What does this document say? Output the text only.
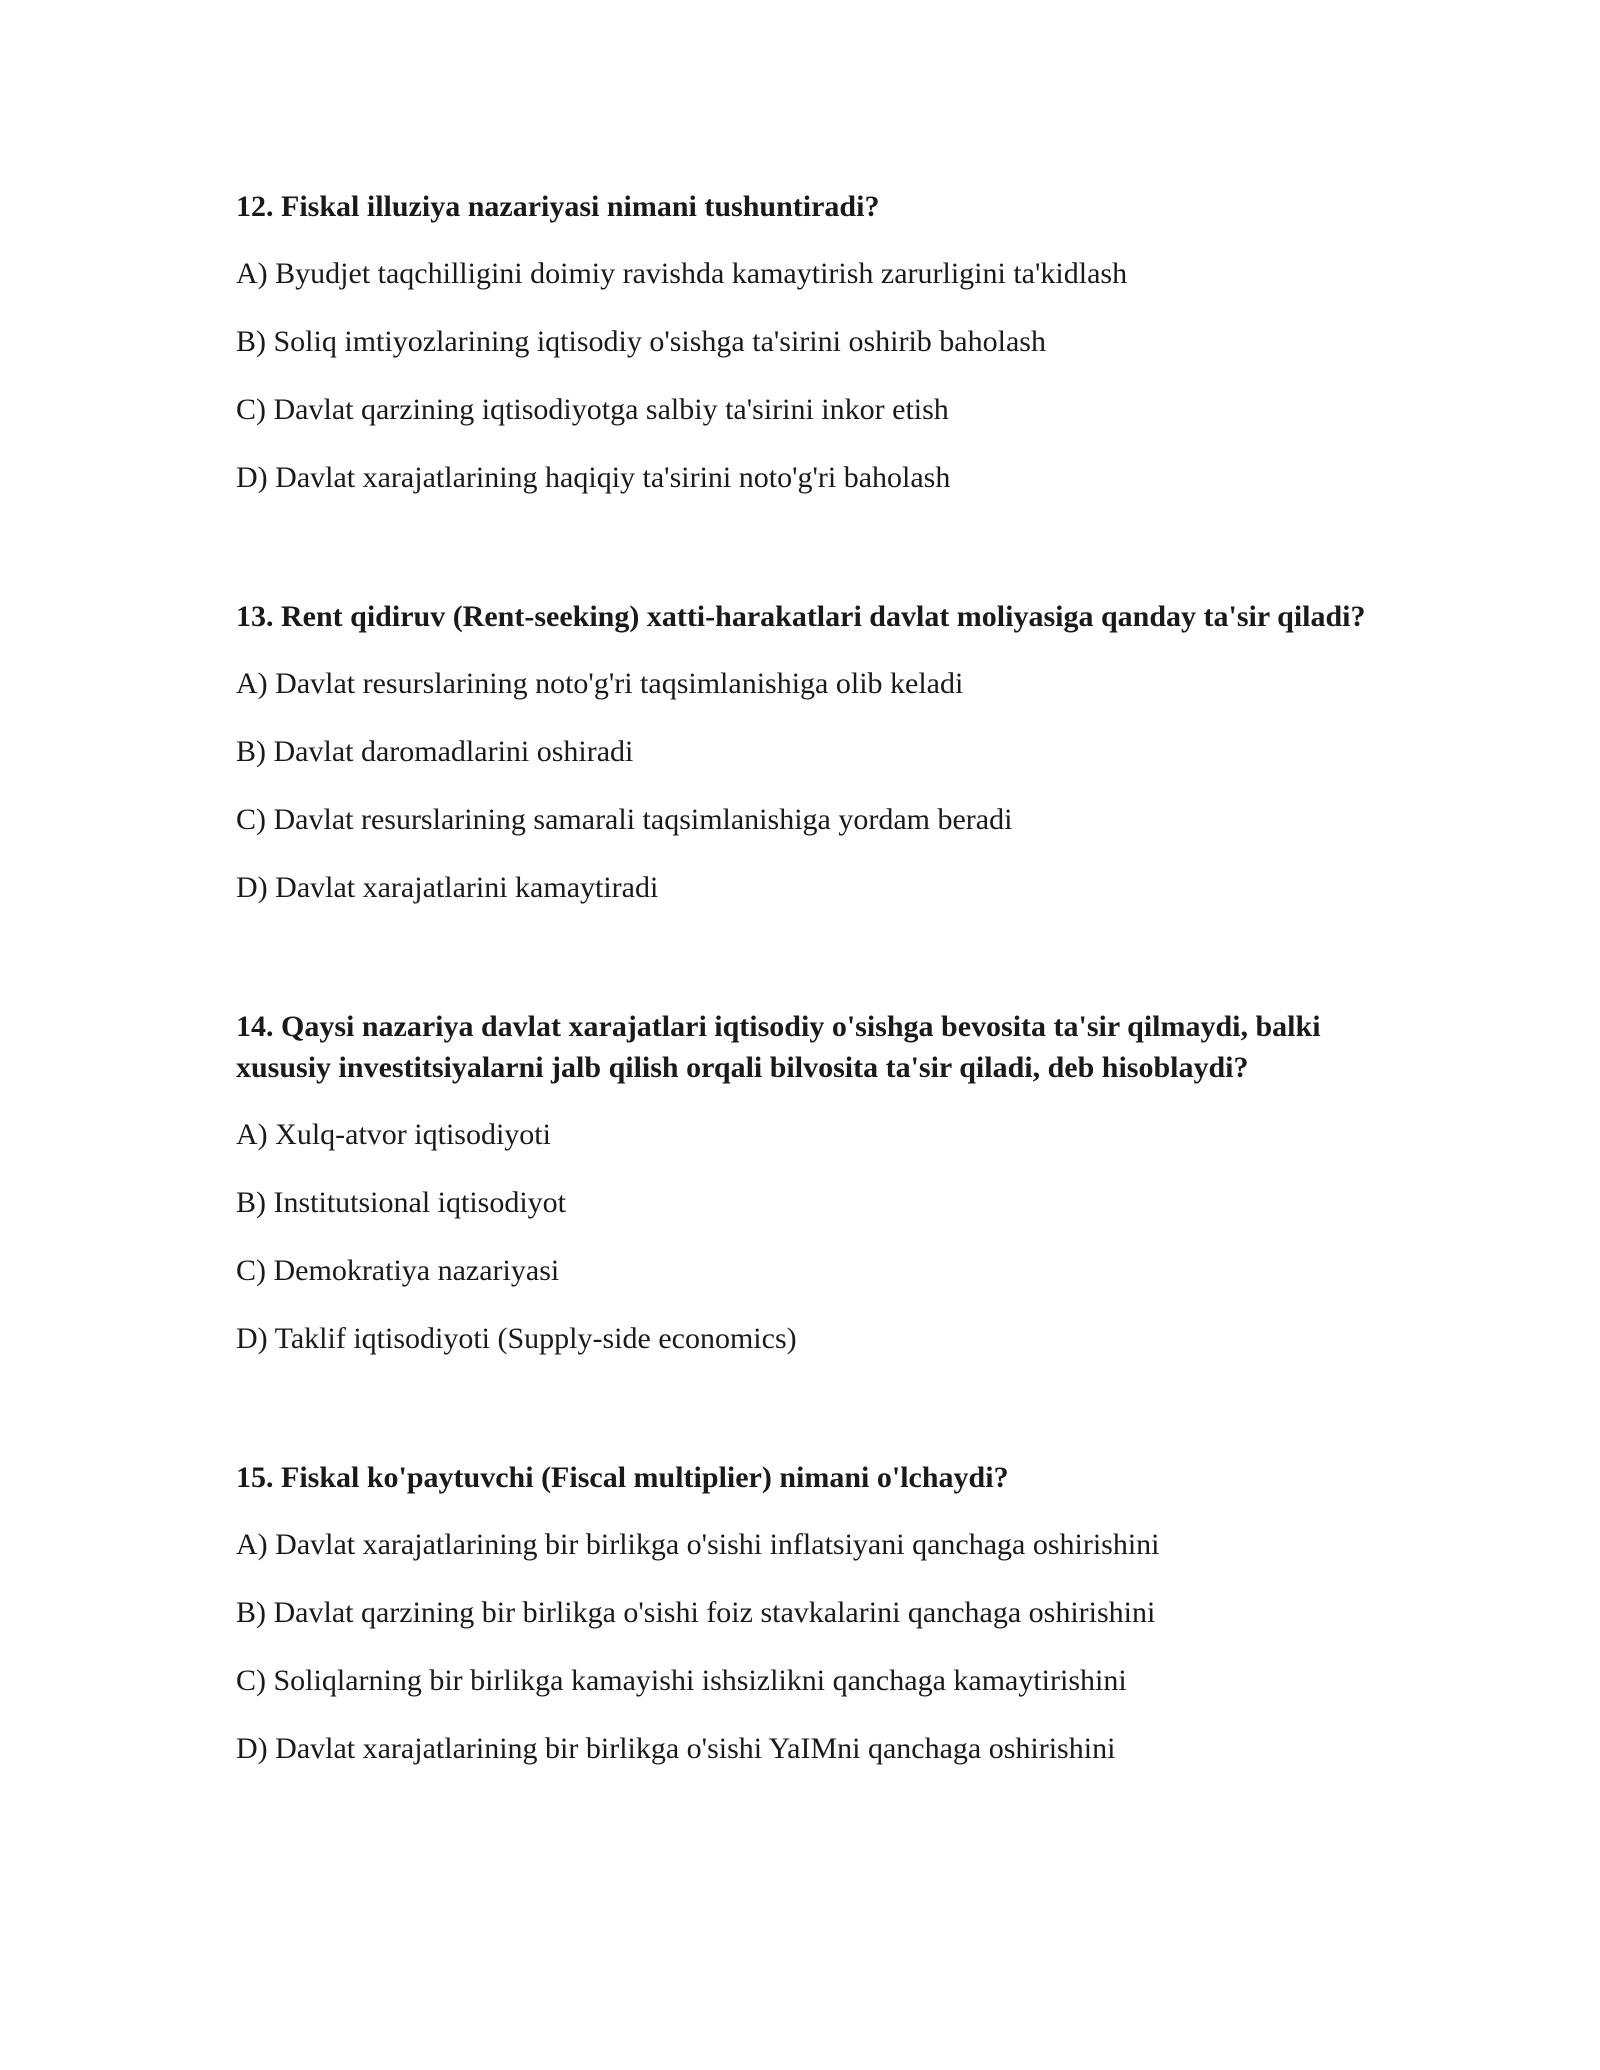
12. Fiskal illuziya nazariyasi nimani tushuntiradi?
A) Byudjet taqchilligini doimiy ravishda kamaytirish zarurligini ta'kidlash
B) Soliq imtiyozlarining iqtisodiy o'sishga ta'sirini oshirib baholash
C) Davlat qarzining iqtisodiyotga salbiy ta'sirini inkor etish
D) Davlat xarajatlarining haqiqiy ta'sirini noto'g'ri baholash
13. Rent qidiruv (Rent-seeking) xatti-harakatlari davlat moliyasiga qanday ta'sir qiladi?
A) Davlat resurslarining noto'g'ri taqsimlanishiga olib keladi
B) Davlat daromadlarini oshiradi
C) Davlat resurslarining samarali taqsimlanishiga yordam beradi
D) Davlat xarajatlarini kamaytiradi
14. Qaysi nazariya davlat xarajatlari iqtisodiy o'sishga bevosita ta'sir qilmaydi, balki xususiy investitsiyalarni jalb qilish orqali bilvosita ta'sir qiladi, deb hisoblaydi?
A) Xulq-atvor iqtisodiyoti
B) Institutsional iqtisodiyot
C) Demokratiya nazariyasi
D) Taklif iqtisodiyoti (Supply-side economics)
15. Fiskal ko'paytuvchi (Fiscal multiplier) nimani o'lchaydi?
A) Davlat xarajatlarining bir birlikga o'sishi inflatsiyani qanchaga oshirishini
B) Davlat qarzining bir birlikga o'sishi foiz stavkalarini qanchaga oshirishini
C) Soliqlarning bir birlikga kamayishi ishsizlikni qanchaga kamaytirishini
D) Davlat xarajatlarining bir birlikga o'sishi YaIMni qanchaga oshirishini
